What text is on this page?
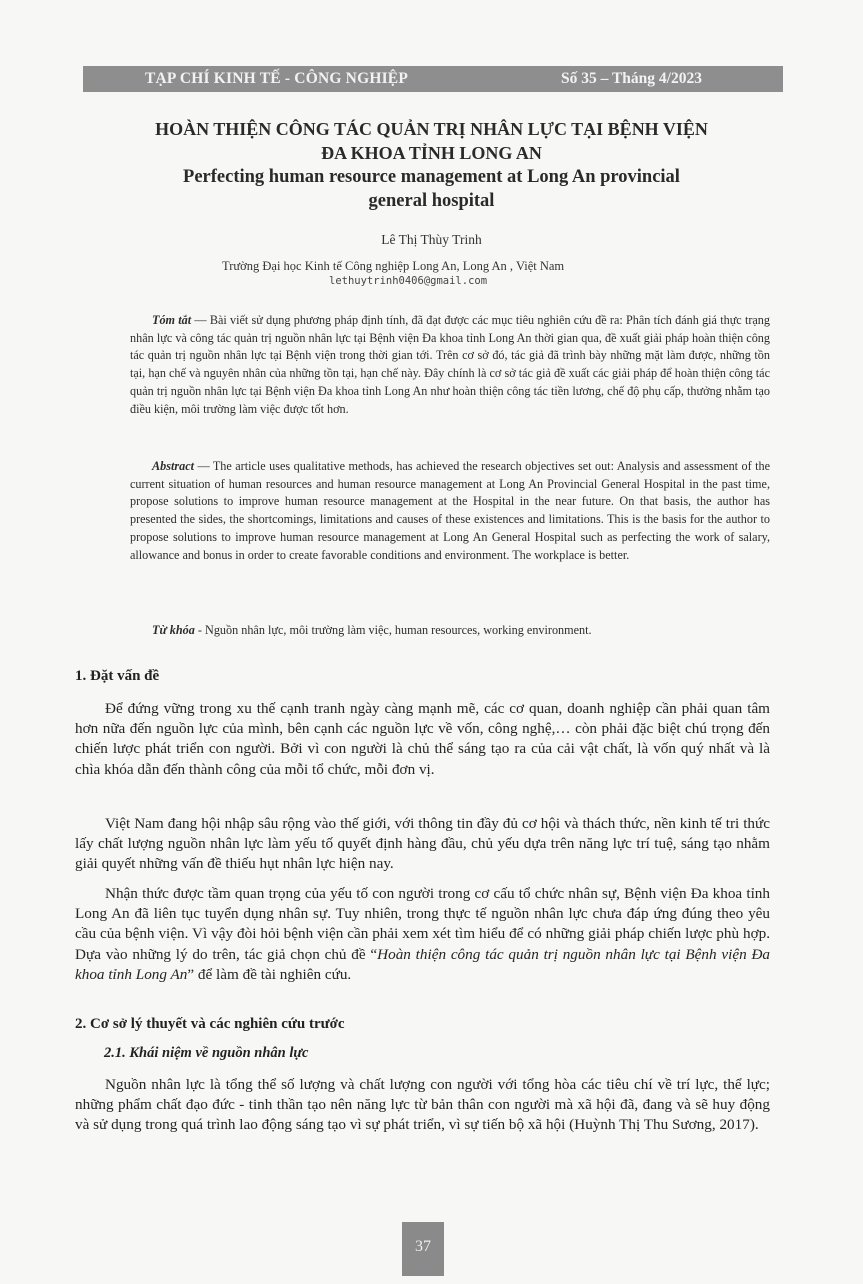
TẠP CHÍ KINH TẾ - CÔNG NGHIỆP	Số 35 – Tháng 4/2023
HOÀN THIỆN CÔNG TÁC QUẢN TRỊ NHÂN LỰC TẠI BỆNH VIỆN
ĐA KHOA TỈNH LONG AN
Perfecting human resource management at Long An provincial
general hospital
Lê Thị Thùy Trinh
Trường Đại học Kinh tế Công nghiệp Long An, Long An , Việt Nam
lethuytrinh0406@gmail.com
Tóm tắt — Bài viết sử dụng phương pháp định tính, đã đạt được các mục tiêu nghiên cứu đề ra: Phân tích đánh giá thực trạng nhân lực và công tác quản trị nguồn nhân lực tại Bệnh viện Đa khoa tỉnh Long An thời gian qua, đề xuất giải pháp hoàn thiện công tác quản trị nguồn nhân lực tại Bệnh viện trong thời gian tới. Trên cơ sở đó, tác giả đã trình bày những mặt làm được, những tồn tại, hạn chế và nguyên nhân của những tồn tại, hạn chế này. Đây chính là cơ sở tác giả đề xuất các giải pháp để hoàn thiện công tác quản trị nguồn nhân lực tại Bệnh viện Đa khoa tỉnh Long An như hoàn thiện công tác tiền lương, chế độ phụ cấp, thưởng nhằm tạo điều kiện, môi trường làm việc được tốt hơn.
Abstract — The article uses qualitative methods, has achieved the research objectives set out: Analysis and assessment of the current situation of human resources and human resource management at Long An Provincial General Hospital in the past time, propose solutions to improve human resource management at the Hospital in the near future. On that basis, the author has presented the sides, the shortcomings, limitations and causes of these existences and limitations. This is the basis for the author to propose solutions to improve human resource management at Long An General Hospital such as perfecting the work of salary, allowance and bonus in order to create favorable conditions and environment. The workplace is better.
Từ khóa - Nguồn nhân lực, môi trường làm việc, human resources, working environment.
1. Đặt vấn đề
Để đứng vững trong xu thế cạnh tranh ngày càng mạnh mẽ, các cơ quan, doanh nghiệp cần phải quan tâm hơn nữa đến nguồn lực của mình, bên cạnh các nguồn lực về vốn, công nghệ,… còn phải đặc biệt chú trọng đến chiến lược phát triển con người. Bởi vì con người là chủ thể sáng tạo ra của cải vật chất, là vốn quý nhất và là chìa khóa dẫn đến thành công của mỗi tổ chức, mỗi đơn vị.
Việt Nam đang hội nhập sâu rộng vào thế giới, với thông tin đầy đủ cơ hội và thách thức, nền kinh tế tri thức lấy chất lượng nguồn nhân lực làm yếu tố quyết định hàng đầu, chủ yếu dựa trên năng lực trí tuệ, sáng tạo nhằm giải quyết những vấn đề thiếu hụt nhân lực hiện nay.
Nhận thức được tầm quan trọng của yếu tố con người trong cơ cấu tổ chức nhân sự, Bệnh viện Đa khoa tỉnh Long An đã liên tục tuyển dụng nhân sự. Tuy nhiên, trong thực tế nguồn nhân lực chưa đáp ứng đúng theo yêu cầu của bệnh viện. Vì vậy đòi hỏi bệnh viện cần phải xem xét tìm hiểu để có những giải pháp chiến lược phù hợp. Dựa vào những lý do trên, tác giả chọn chủ đề “Hoàn thiện công tác quản trị nguồn nhân lực tại Bệnh viện Đa khoa tỉnh Long An” để làm đề tài nghiên cứu.
2. Cơ sở lý thuyết và các nghiên cứu trước
2.1. Khái niệm về nguồn nhân lực
Nguồn nhân lực là tổng thể số lượng và chất lượng con người với tổng hòa các tiêu chí về trí lực, thể lực; những phẩm chất đạo đức - tinh thần tạo nên năng lực từ bản thân con người mà xã hội đã, đang và sẽ huy động và sử dụng trong quá trình lao động sáng tạo vì sự phát triển, vì sự tiến bộ xã hội (Huỳnh Thị Thu Sương, 2017).
37
